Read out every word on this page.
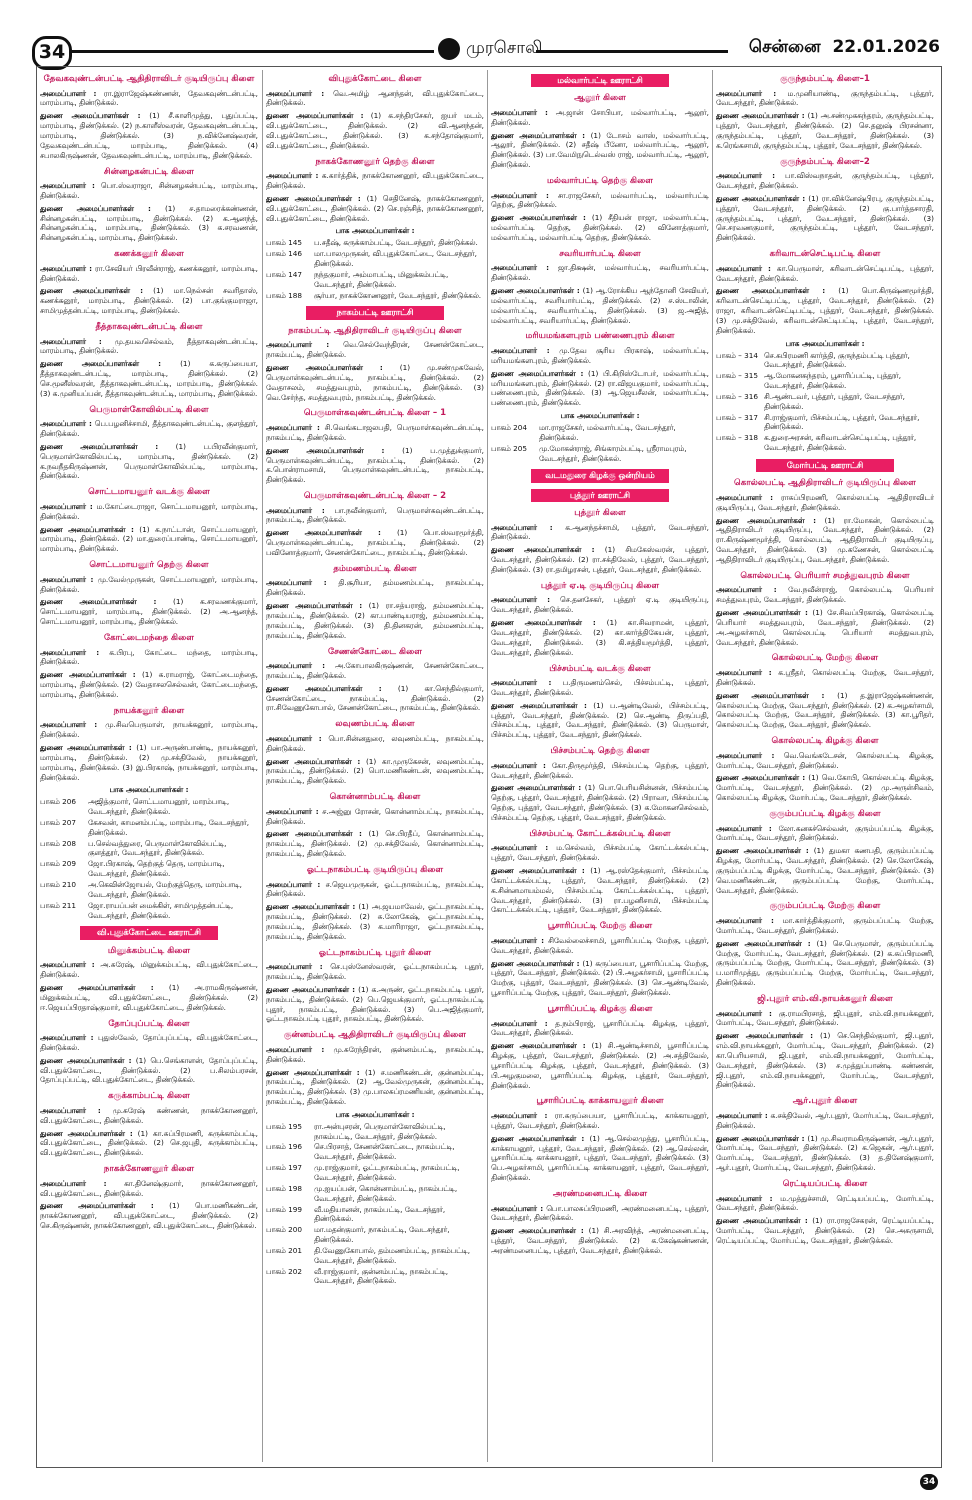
34	முரசொலி	சென்னை 22.01.2026
தேவகவுண்டன்பட்டி ஆதிதிராவிடர் குடியிருப்பு கிளை
அமைப்பாளர் : ரா.இராஜேஷ்கண்ணன், தேவகவுண்டன்பட்டி, மாரம்பாடி, திண்டுக்கல்.
துணை அமைப்பாளர்கள் : (1) சீ.காளிமுத்து, புதுப்பட்டி, மாரம்பாடி, திண்டுக்கல். (2) ந.காளீஸ்வரன், தேவகவுண்டன்பட்டி, மாரம்பாடி, திண்டுக்கல். (3) ந.விக்னேஷ்வரன், தேவகவுண்டன்பட்டி, மாரம்பாடி, திண்டுக்கல். (4) சபாலகிருஷ்ணன், தேவகவுண்டன்பட்டி, மாரம்பாடி, திண்டுக்கல்.
சின்னழகன்பட்டி கிளை
அமைப்பாளர் : பொ.ஸ்வராஜா, சின்னழகன்பட்டி, மாரம்பாடி, திண்டுக்கல்.
துணை அமைப்பாளர்கள் : (1) ச.தாமரைக்கண்ணன், சின்னழகன்பட்டி, மாரம்பாடி, திண்டுக்கல். (2) க.ஆனந்த், சின்னழகன்பட்டி, மாரம்பாடி, திண்டுக்கல். (3) க.சரவணன், சின்னழகன்பட்டி, மாரம்பாடி, திண்டுக்கல்.
கணக்கனூர் கிளை
அமைப்பாளர் : ரா.சேவியர் பிரவீன்ராஜ், கணக்கனூர், மாரம்பாடி, திண்டுக்கல்.
துணை அமைப்பாளர்கள் : (1) மா.நெல்சன் சவரிதாஸ், கணக்கனூர், மாரம்பாடி, திண்டுக்கல். (2) பா.குங்குமராஜா, சாமிமுத்தன்பட்டி, மாரம்பாடி, திண்டுக்கல்.
தீத்தாகவுண்டன்பட்டி கிளை
அமைப்பாளர் : மு.தயவசெல்வம், தீத்தாகவுண்டன்பட்டி, மாரம்பாடி, திண்டுக்கல்.
துணை அமைப்பாளர்கள் :	(1) க.கருப்பையா, தீத்தாகவுண்டன்பட்டி, மாரம்பாடி, திண்டுக்கல். (2) செ.மூனீஸ்வரன், தீத்தாகவுண்டன்பட்டி, மாரம்பாடி, திண்டுக்கல். (3) க.முனியப்பன், தீத்தாகவுண்டன்பட்டி, மாரம்பாடி, திண்டுக்கல்.
பெருமாள்கோவில்பட்டி கிளை
அமைப்பாளர் : பெ.பழனிச்சாமி, தீத்தாகவுண்டன்பட்டி, குளத்தூர், திண்டுக்கல்.
துணை அமைப்பாளர்கள் : (1) ப.பிரவீன்குமார், பெருமாள்கோவில்பட்டி, மாரம்பாடி, திண்டுக்கல். (2) க.நவநீதகிருஷ்ணன், பெருமாள்கோவில்பட்டி, மாரம்பாடி, திண்டுக்கல்.
சொட்டமாயனூர் வடக்கு கிளை
அமைப்பாளர் : ம.கோட்டைராஜா, சொட்டமாயனூர், மாரம்பாடி, திண்டுக்கல்.
துணை அமைப்பாளர்கள் : (1) க.நாட்டான், சொட்டமாயனூர், மாரம்பாடி, திண்டுக்கல். (2) மா.துரைப்பாண்டி, சொட்டமாயனூர், மாரம்பாடி, திண்டுக்கல்.
சொட்டமாயனூர் தெற்கு கிளை
அமைப்பாளர் : மு.வேல்முருகன், சொட்டமாயனூர், மாரம்பாடி, திண்டுக்கல்.
துணை அமைப்பாளர்கள் : (1) க.சரவணக்குமார், சொட்டமாயனூர், மாரம்பாடி, திண்டுக்கல். (2) அ.ஆனந்த், சொட்டமாயனூர், மாரம்பாடி, திண்டுக்கல்.
கோட்டைமந்தை கிளை
அமைப்பாளர் : க.பிரபு, கோட்டை மந்தை, மாரம்பாடி, திண்டுக்கல்.
துணை அமைப்பாளர்கள் : (1) க.ராமராஜ், கோட்டைமந்தை, மாரம்பாடி, திண்டுக்கல். (2) வேதாசலசெல்வன், கோட்டைமந்தை, மாரம்பாடி, திண்டுக்கல்.
நாயக்கனூர் கிளை
அமைப்பாளர் : மு.சிவபெருமாள், நாயக்கனூர், மாரம்பாடி, திண்டுக்கல்.
துணை அமைப்பாளர்கள் : (1) பா.அருண்பாண்டி, நாயக்கனூர், மாரம்பாடி, திண்டுக்கல். (2) மு.சக்திவேல், நாயக்கனூர், மாரம்பாடி, திண்டுக்கல். (3) இ.பிரகாஷ், நாயக்கனூர், மாரம்பாடி, திண்டுக்கல்.
பாக அமைப்பாளர்கள் :
பாகம் 206	அஜித்குமார், சொட்டமாயனூர், மாரம்பாடி, வேடசந்தூர், திண்டுக்கல்.
பாகம் 207	கேசவன், காமனம்பட்டி, மாரம்பாடி, வேடசந்தூர், திண்டுக்கல்.
பாகம் 208	ப.செல்வத்துரை, பெருமாள்கோவில்பட்டி, குளத்தூர், வேடசந்தூர், திண்டுக்கல்.
பாகம் 209	ஜோ.பிரகாஷ், தெற்குத் தெரு, மாரம்பாடி, வேடசந்தூர், திண்டுக்கல்.
பாகம் 210	அ.கெவின்ஜோயல், மேற்குத்தெரு, மாரம்பாடி, வேடசந்தூர், திண்டுக்கல்.
பாகம் 211	ஜோ.ராயப்பன் மைக்கிள், சாமிமுத்தன்பட்டி, வேடசந்தூர், திண்டுக்கல்.
வி.புதுக்கோட்டை ஊராட்சி
மினுக்கம்பட்டி கிளை
அமைப்பாளர் : அ.சுரேஷ், மினுக்கம்பட்டி, வி.புதுக்கோட்டை, திண்டுக்கல்.
துணை அமைப்பாளர்கள் : (1) அ.ராமகிருஷ்ணன், மினுக்கம்பட்டி, வி.புதுக்கோட்டை, திண்டுக்கல். (2) ஈ.ஜெயப்பிரதாஷ்குமார், வி.புதுக்கோட்டை, திண்டுக்கல்.
தோப்புப்பட்டி கிளை
அமைப்பாளர் : புதுஸ்வேல், தோப்புப்பட்டி, வி.புதுக்கோட்டை, திண்டுக்கல்.
துணை அமைப்பாளர்கள் : (1) பெ.செங்காளன், தோப்புப்பட்டி, வி.புதுக்கோட்டை, திண்டுக்கல். (2) ப.சிலம்பரசன், தோப்புப்பட்டி, வி.புதுக்கோட்டை, திண்டுக்கல்.
கருக்காம்பட்டி கிளை
அமைப்பாளர் : மு.சுரேஷ் கண்ணன், நாகக்கோணனூர், வி.புதுக்கோட்டை, திண்டுக்கல்.
துணை அமைப்பாளர்கள் : (1) கா.சுப்பிரமணி, கருக்காம்பட்டி, வி.புதுக்கோட்டை, திண்டுக்கல். (2) செ.ஜபுதி, கருக்காம்பட்டி, வி.புதுக்கோட்டை, திண்டுக்கல்.
நாகக்கோணனூர் கிளை
அமைப்பாளர் : கா.தினேஷ்குமார், நாகக்கோணனூர், வி.புதுக்கோட்டை, திண்டுக்கல்.
துணை அமைப்பாளர்கள் : (1) பொ.மணிகண்டன், நாகக்கோணனூர், வி.புதுக்கோட்டை, திண்டுக்கல். (2) செ.கிருஷ்ணன், நாகக்கோணனூர், வி.புதுக்கோட்டை, திண்டுக்கல்.
விபுதுக்கோட்டை கிளை
அமைப்பாளர் : வெ.அமிழ் ஆனந்தன், வி.புதுக்கோட்டை, திண்டுக்கல்.
துணை அமைப்பாளர்கள் : (1) க.சந்திரசேகர், ஐயர் மடம், வி.புதுக்கோட்டை, திண்டுக்கல். (2) வி.ஆனந்தன், வி.புதுக்கோட்டை, திண்டுக்கல். (3) க.சந்தோஷ்குமார், வி.புதுக்கோட்டை, திண்டுக்கல்.
நாகக்கோணனூர் தெற்கு கிளை
அமைப்பாளர் : க.கார்த்திக், நாகக்கோணனூர், வி.புதுக்கோட்டை, திண்டுக்கல்.
துணை அமைப்பாளர்கள் : (1) செதினேஷ், நாகக்கோணனூர், வி.புதுக்கோட்டை, திண்டுக்கல். (2) செ.ரஞ்சித், நாகக்கோணனூர், வி.புதுக்கோட்டை, திண்டுக்கல்.
பாக அமைப்பாளர்கள் :
பாகம் 145	ப.சதீஷ், கருக்காம்பட்டி, வேடசந்தூர், திண்டுக்கல்.
பாகம் 146	மா.பாலமுருகன், வி.புதுக்கோட்டை, வேடசந்தூர், திண்டுக்கல்.
பாகம் 147	நந்தகுமார், அம்மாபட்டி, மினுக்கம்பட்டி, வேடசந்தூர், திண்டுக்கல்.
பாகம் 188	சூர்யா, நாகக்கோணனூர், வேடசந்தூர், திண்டுக்கல்.
நாகம்பட்டி ஊராட்சி
நாகம்பட்டி ஆதிதிராவிடர் குடியிருப்பு கிளை
அமைப்பாளர் : வெ.செல்வேந்திரன், சேணன்கோட்டை, நாகம்பட்டி, திண்டுக்கல்.
துணை அமைப்பாளர்கள் : (1) மு.சண்முகவேல், பெருமாள்கவுண்டன்பட்டி, நாகம்பட்டி, திண்டுக்கல். (2) வேதாசலம், சமத்துவபுரம், நாகம்பட்டி, திண்டுக்கல். (3) வெ.சேர்ந்த, சமத்துவபுரம், நாகம்பட்டி, திண்டுக்கல்.
பெருமாள்கவுண்டன்பட்டி கிளை – 1
அமைப்பாளர் : சி.வெங்கடாஜலபதி, பெருமாள்கவுண்டன்பட்டி, நாகம்பட்டி, திண்டுக்கல்.
துணை அமைப்பாளர்கள் : (1) ப.முத்துக்குமார், பெருமாள்கவுண்டன்பட்டி, நாகம்பட்டி, திண்டுக்கல். (2) க.பொன்ராமசாமி, பெருமாள்கவுண்டன்பட்டி, நாகம்பட்டி, திண்டுக்கல்.
பெருமாள்கவுண்டன்பட்டி கிளை – 2
அமைப்பாளர் : பா.நவீன்குமார், பெருமாள்கவுண்டன்பட்டி, நாகம்பட்டி, திண்டுக்கல்.
துணை அமைப்பாளர்கள் : (1) பொ.ஸ்வரமூர்த்தி, பெருமாள்கவுண்டன்பட்டி, நாகம்பட்டி, திண்டுக்கல். (2) பவினோத்குமார், சேணன்கோட்டை, நாகம்பட்டி, திண்டுக்கல்.
தம்மணம்பட்டி கிளை
அமைப்பாளர் : தி.சூரியா, தம்மணம்பட்டி, நாகம்பட்டி, திண்டுக்கல்.
துணை அமைப்பாளர்கள் : (1) ரா.சத்யராஜ், தம்மணம்பட்டி, நாகம்பட்டி, திண்டுக்கல். (2) கா.பாண்டியராஜ், தம்மணம்பட்டி, நாகம்பட்டி, திண்டுக்கல். (3) தி.தினகரன், தம்மணம்பட்டி, நாகம்பட்டி, திண்டுக்கல்.
சேணன்கோட்டை கிளை
அமைப்பாளர் : அ.கோபாலகிருஷ்ணன், சேணன்கோட்டை, நாகம்பட்டி, திண்டுக்கல்.
துணை அமைப்பாளர்கள் : (1) கா.செந்தில்குமார், சேணன்கோட்டை, நாகம்பட்டி, திண்டுக்கல். (2) ரா.சிவேணுகோபால், சேணன்கோட்டை, நாகம்பட்டி, திண்டுக்கல்.
லவுணம்பட்டி கிளை
அமைப்பாளர் : பொ.சின்னதுரை, லவுணம்பட்டி, நாகம்பட்டி, திண்டுக்கல்.
துணை அமைப்பாளர்கள் : (1) கா.முருகேசன், லவுணம்பட்டி, நாகம்பட்டி, திண்டுக்கல். (2) பொ.மணிகண்டன், லவுணம்பட்டி, நாகம்பட்டி, திண்டுக்கல்.
கொன்னாம்பட்டி கிளை
அமைப்பாளர் : ச.அஜ்னு ரோசன், கொன்னாம்பட்டி, நாகம்பட்டி, திண்டுக்கல்.
துணை அமைப்பாளர்கள் : (1) செ.பிரதீப், கொன்னாம்பட்டி, நாகம்பட்டி, திண்டுக்கல். (2) மு.சக்திவேல், கொன்னாம்பட்டி, நாகம்பட்டி, திண்டுக்கல்.
ஓட்டநாகம்பட்டி குடியிருப்பு கிளை
அமைப்பாளர் : ச.ஜெயமுருகன், ஓட்டநாகம்பட்டி, நாகம்பட்டி, திண்டுக்கல்.
துணை அமைப்பாளர்கள் : (1) அ.ஜயமாவேல், ஓட்டநாகம்பட்டி, நாகம்பட்டி, திண்டுக்கல். (2) சு.லோகேஷ், ஓட்டநாகம்பட்டி, நாகம்பட்டி, திண்டுக்கல். (3) க.மாரிராஜா, ஓட்டநாகம்பட்டி, நாகம்பட்டி, திண்டுக்கல்.
ஓட்டநாகம்பட்டி புதூர் கிளை
அமைப்பாளர் : செ.புஸ்னேஸ்வரன், ஓட்டநாகம்பட்டி புதூர், நாகம்பட்டி, திண்டுக்கல்.
துணை அமைப்பாளர்கள் : (1) க.அருண், ஓட்டநாகம்பட்டி புதூர், நாகம்பட்டி, திண்டுக்கல். (2) பெ.ஜெயக்குமார், ஓட்டநாகம்பட்டி புதூர், நாகம்பட்டி, திண்டுக்கல். (3) பெ.அஜித்குமார், ஓட்டநாகம்பட்டி புதூர், நாகம்பட்டி, திண்டுக்கல்.
குன்னம்பட்டி ஆதிதிராவிடர் குடியிருப்பு கிளை
அமைப்பாளர் : மு.சுரேந்திரன், குன்னம்பட்டி, நாகம்பட்டி, திண்டுக்கல்.
துணை அமைப்பாளர்கள் : (1) ச.மணிகண்டன், குன்னம்பட்டி, நாகம்பட்டி, திண்டுக்கல். (2) ஆ.வேல்முருகன், குன்னம்பட்டி, நாகம்பட்டி, திண்டுக்கல். (3) மு.பாலசுப்ரமணியன், குன்னம்பட்டி, நாகம்பட்டி, திண்டுக்கல்.
பாக அமைப்பாளர்கள் :
பாகம் 195	ரா.அன்புசரன், பெருமாள்கோவில்பட்டி, நாகம்பட்டி, வேடசந்தூர், திண்டுக்கல்.
பாகம் 196	செ.பிரசாத், சேணன்கோட்டை, நாகம்பட்டி, வேடசந்தூர், திண்டுக்கல்.
பாகம் 197	மு.ராஜ்குமார், ஓட்டநாகம்பட்டி, நாகம்பட்டி, வேடசந்தூர், திண்டுக்கல்.
பாகம் 198	மு.ஐயப்பன், கொன்னாம்பட்டி, நாகம்பட்டி, வேடசந்தூர், திண்டுக்கல்.
பாகம் 199	வீ.மதியானன், நாகம்பட்டி, வேடசந்தூர், திண்டுக்கல்.
பாகம் 200	மா.மதன்குமார், நாகம்பட்டி, வேடசந்தூர், திண்டுக்கல்.
பாகம் 201	தி.வேணுகோபால், தம்மணம்பட்டி, நாகம்பட்டி, வேடசந்தூர், திண்டுக்கல்.
பாகம் 202	வீ.ராஜ்குமார், குன்னம்பட்டி, நாகம்பட்டி, வேடசந்தூர், திண்டுக்கல்.
மல்வார்பட்டி ஊராட்சி
ஆலூர் கிளை
அமைப்பாளர் : அ.ஜான் சோபியா, மல்வார்பட்டி, ஆலூர், திண்டுக்கல்.
துணை அமைப்பாளர்கள் : (1) டோசம் வாஸ், மல்வார்பட்டி, ஆலூர், திண்டுக்கல். (2) சதீஷ் பீனோ, மல்வார்பட்டி, ஆலூர், திண்டுக்கல். (3) பா.வேமிநுடெல்வஸ் ராஜ், மல்வார்பட்டி, ஆலூர், திண்டுக்கல்.
மல்வார்பட்டி தெற்கு கிளை
அமைப்பாளர் : சா.ராஜசேகர், மல்வார்பட்டி, மல்வார்பட்டி தெற்கு, திண்டுக்கல்.
துணை அமைப்பாளர்கள் : (1) சீதியன் ராஜா, மல்வார்பட்டி, மல்வார்பட்டி தெற்கு, திண்டுக்கல். (2) வினோத்குமார், மல்வார்பட்டி, மல்வார்பட்டி தெற்கு, திண்டுக்கல்.
சவரியார்பட்டி கிளை
அமைப்பாளர் : ஜா.திக்ஷன், மல்வார்பட்டி, சவரியார்பட்டி, திண்டுக்கல்.
துணை அமைப்பாளர்கள் : (1) ஆ.ரோக்கிய ஆந்தோனி சேவியர், மல்வார்பட்டி, சவரியார்பட்டி, திண்டுக்கல். (2) ச.ஸ்டாலின், மல்வார்பட்டி, சவரியார்பட்டி, திண்டுக்கல். (3) ஜ.அஜித், மல்வார்பட்டி, சவரியார்பட்டி, திண்டுக்கல்.
மரியமங்களபுரம் பண்ணைபுரம் கிளை
அமைப்பாளர் : மு.தேவ சூரிய பிரகாஷ், மல்வார்பட்டி, மரியமங்களபுரம், திண்டுக்கல்.
துணை அமைப்பாளர்கள் : (1) பி.கிறிஸ்டோபர், மல்வார்பட்டி, மரியமங்களபுரம், திண்டுக்கல். (2) ரா.விஜயகுமார், மல்வார்பட்டி, பண்ணைபுரம், திண்டுக்கல். (3) ஆ.ஜெயசீலன், மல்வார்பட்டி, பண்ணைபுரம், திண்டுக்கல்.
பாக அமைப்பாளர்கள் :
பாகம் 204	மா.ராஜசேகர், மல்வார்பட்டி, வேடசந்தூர், திண்டுக்கல்.
பாகம் 205	மு.மோகன்ராஜ், சிங்காரம்பட்டி, ஸ்ரீராமபுரம், வேடசந்தூர், திண்டுக்கல்.
வடமதுரை கிழக்கு ஒன்றியம்
புத்தூர் ஊராட்சி
புத்தூர் கிளை
அமைப்பாளர் : க.ஆனந்தச்சாமி, புத்தூர், வேடசந்தூர், திண்டுக்கல்.
துணை அமைப்பாளர்கள் : (1) சிமகேஸ்வரன், புத்தூர், வேடசந்தூர், திண்டுக்கல். (2) ரா.சக்திவேல், புத்தூர், வேடசந்தூர், திண்டுக்கல். (3) ரா.தமிழரசன், புத்தூர், வேடசந்தூர், திண்டுக்கல்.
புத்தூர் ஏ.டி குடியிருப்பு கிளை
அமைப்பாளர் : செ.தனசேகர், புத்தூர் ஏ.டி குடியிருப்பு, வேடசந்தூர், திண்டுக்கல்.
துணை அமைப்பாளர்கள் : (1) கா.சிவராமன், புத்தூர், வேடசந்தூர், திண்டுக்கல். (2) கா.கார்த்திகேயன், புத்தூர், வேடசந்தூர், திண்டுக்கல். (3) கி.சத்தியமூர்த்தி, புத்தூர், வேடசந்தூர், திண்டுக்கல்.
பிச்சம்பட்டி வடக்கு கிளை
அமைப்பாளர் : ப.திருமணம்செல், பிச்சம்பட்டி, புத்தூர், வேடசந்தூர், திண்டுக்கல்.
துணை அமைப்பாளர்கள் : (1) ப.ஆண்டிவேல், பிச்சம்பட்டி, புத்தூர், வேடசந்தூர், திண்டுக்கல். (2) செ.ஆண்டி திருப்பதி, பிச்சம்பட்டி, புத்தூர், வேடசந்தூர், திண்டுக்கல். (3) பெருமாள், பிச்சம்பட்டி, புத்தூர், வேடசந்தூர், திண்டுக்கல்.
பிச்சம்பட்டி தெற்கு கிளை
அமைப்பாளர் : கோ.திருமூர்த்தி, பிச்சம்பட்டி தெற்கு, புத்தூர், வேடசந்தூர், திண்டுக்கல்.
துணை அமைப்பாளர்கள் : (1) பொ.பெரியசின்னன், பிச்சம்பட்டி தெற்கு, புத்தூர், வேடசந்தூர், திண்டுக்கல். (2) பிராவா, பிச்சம்பட்டி தெற்கு, புத்தூர், வேடசந்தூர், திண்டுக்கல். (3) க.மோகனசெல்வம், பிச்சம்பட்டி தெற்கு, புத்தூர், வேடசந்தூர், திண்டுக்கல்.
பிச்சம்பட்டி கோட்டக்கல்பட்டி கிளை
அமைப்பாளர் : ம.செல்வம், பிச்சம்பட்டி கோட்டக்கல்பட்டி, புத்தூர், வேடசந்தூர், திண்டுக்கல்.
துணை அமைப்பாளர்கள் : (1) ஆ.ரஸ்தேக்குமார், பிச்சம்பட்டி கோட்டக்கல்பட்டி, புத்தூர், வேடசந்தூர், திண்டுக்கல். (2) க.சின்னமாயம்மல், பிச்சம்பட்டி கோட்டக்கல்பட்டி, புத்தூர், வேடசந்தூர், திண்டுக்கல். (3) ரா.பழனிசாமி, பிச்சம்பட்டி கோட்டக்கல்பட்டி, புத்தூர், வேடசந்தூர், திண்டுக்கல்.
பூசாரிப்பட்டி மேற்கு கிளை
அமைப்பாளர் : சிவேல்லைச்சாமி, பூசாரிப்பட்டி மேற்கு, புத்தூர், வேடசந்தூர், திண்டுக்கல்.
துணை அமைப்பாளர்கள் : (1) கருப்பையா, பூசாரிப்பட்டி மேற்கு, புத்தூர், வேடசந்தூர், திண்டுக்கல். (2) பி.அழகர்சாமி, பூசாரிப்பட்டி மேற்கு, புத்தூர், வேடசந்தூர், திண்டுக்கல். (3) செ.ஆண்டிவேல், பூசாரிப்பட்டி மேற்கு, புத்தூர், வேடசந்தூர், திண்டுக்கல்.
பூசாரிப்பட்டி கிழக்கு கிளை
அமைப்பாளர் : த.நம்பிராஜ், பூசாரிப்பட்டி கிழக்கு, புத்தூர், வேடசந்தூர், திண்டுக்கல்.
துணை அமைப்பாளர்கள் : (1) சி.ஆண்டிச்சாமி, பூசாரிப்பட்டி கிழக்கு, புத்தூர், வேடசந்தூர், திண்டுக்கல். (2) அ.சத்திவேல், பூசாரிப்பட்டி கிழக்கு, புத்தூர், வேடசந்தூர், திண்டுக்கல். (3) பி.அழகுமலை, பூசாரிப்பட்டி கிழக்கு, புத்தூர், வேடசந்தூர், திண்டுக்கல்.
பூசாரிப்பட்டி காக்காயனூர் கிளை
அமைப்பாளர் : ரா.கருப்பையா, பூசாரிப்பட்டி, காக்காயனூர், புத்தூர், வேடசந்தூர், திண்டுக்கல்.
துணை அமைப்பாளர்கள் : (1) ஆ.செல்லமுத்து, பூசாரிப்பட்டி, காக்காயனூர், புத்தூர், வேடசந்தூர், திண்டுக்கல். (2) ஆ.செல்லன், பூசாரிப்பட்டி காக்காயனூர், புத்தூர், வேடசந்தூர், திண்டுக்கல். (3) பெ.அழகர்சாமி, பூசாரிப்பட்டி காக்காயனூர், புத்தூர், வேடசந்தூர், திண்டுக்கல்.
அரண்மனைபட்டி கிளை
அமைப்பாளர் : பொ.பாலசுப்பிரமணி, அரண்மனைபட்டி, புத்தூர், வேடசந்தூர், திண்டுக்கல்.
துணை அமைப்பாளர்கள் : (1) சி.அரவிந்த், அரண்மனைபட்டி, புத்தூர், வேடசந்தூர், திண்டுக்கல். (2) க.கேஷ்கண்ணன், அரண்மனைபட்டி, புத்தூர், வேடசந்தூர், திண்டுக்கல்.
குருந்தம்பட்டி கிளை–1
அமைப்பாளர் : ம.முனியாண்டி, குருந்தம்பட்டி, புத்தூர், வேடசந்தூர், திண்டுக்கல்.
துணை அமைப்பாளர்கள் : (1) அ.சண்முகசுந்தரம், குருந்தம்பட்டி, புத்தூர், வேடசந்தூர், திண்டுக்கல். (2) செ.தனுஷ் பிரசன்னா, குருந்தம்பட்டி, புத்தூர், வேடசந்தூர், திண்டுக்கல். (3) க.ரெங்கசாமி, குருந்தம்பட்டி, புத்தூர், வேடசந்தூர், திண்டுக்கல்.
குருந்தம்பட்டி கிளை–2
அமைப்பாளர் : பா.விஸ்வநாதன், குருந்தம்பட்டி, புத்தூர், வேடசந்தூர், திண்டுக்கல்.
துணை அமைப்பாளர்கள் : (1) ரா.விக்னேஷ்பிரபு, குருந்தம்பட்டி, புத்தூர், வேடசந்தூர், திண்டுக்கல். (2) கு.பார்த்தசாரதி, குருந்தம்பட்டி, புத்தூர், வேடசந்தூர், திண்டுக்கல். (3) செ.சரவணகுமார், குருந்தம்பட்டி, புத்தூர், வேடசந்தூர், திண்டுக்கல்.
கரிவாடன்செட்டிபட்டி கிளை
அமைப்பாளர் : கா.பெருமாள், கரிவாடன்செட்டிபட்டி, புத்தூர், வேடசந்தூர், திண்டுக்கல்.
துணை அமைப்பாளர்கள் : (1) பொ.கிருஷ்ணமூர்த்தி, கரிவாடன்செட்டிபட்டி, புத்தூர், வேடசந்தூர், திண்டுக்கல். (2) ராஜா, கரிவாடன்செட்டிபட்டி, புத்தூர், வேடசந்தூர், திண்டுக்கல். (3) மு.சக்திவேல், கரிவாடன்செட்டிபட்டி, புத்தூர், வேடசந்தூர், திண்டுக்கல்.
பாக அமைப்பாளர்கள் :
பாகம் – 314 செ.சுபிரமணி கார்த்தி, குருந்தம்பட்டி புத்தூர், வேடசந்தூர், திண்டுக்கல்.
பாகம் – 315 ஆ.மோகனசுந்தரம், பூசாரிப்பட்டி, புத்தூர், வேடசந்தூர், திண்டுக்கல்.
பாகம் – 316 சி.ஆண்டவர், புத்தூர், புத்தூர், வேடசந்தூர், திண்டுக்கல்.
பாகம் – 317 சி.ராஜ்குமார், பிச்சம்பட்டி, புத்தூர், வேடசந்தூர், திண்டுக்கல்.
பாகம் – 318 க.துரைஅரசன், கரிவாடன்செட்டிபட்டி, புத்தூர், வேடசந்தூர், திண்டுக்கல்.
மோர்பட்டி ஊராட்சி
கொல்லபட்டி ஆதிதிராவிடர் குடியிருப்பு கிளை
அமைப்பாளர் : ராசுப்பிரமணி, கொல்லபட்டி ஆதிதிராவிடர் குடியிருப்பு, வேடசந்தூர், திண்டுக்கல்.
துணை அமைப்பாளர்கள் : (1) ரா.மோகன், கொல்லபட்டி ஆதிதிராவிடர் குடியிருப்பு, வேடசந்தூர், திண்டுக்கல். (2) ரா.கிருஷ்ணமூர்த்தி, கொல்லபட்டி ஆதிதிராவிடர் குடியிருப்பு, வேடசந்தூர், திண்டுக்கல். (3) மு.கணேசன், கொல்லபட்டி ஆதிதிராவிடர் குடியிருப்பு, வேடசந்தூர், திண்டுக்கல்.
கொல்லபட்டி பெரியார் சமத்துவபுரம் கிளை
அமைப்பாளர் : வே.நவீன்ராஜ், கொல்லபட்டி பெரியார் சமத்துவபுரம், வேடசந்தூர், திண்டுக்கல்.
துணை அமைப்பாளர்கள் : (1) சே.சிவப்பிரகாஷ், கொல்லபட்டி பெரியார் சமத்துவபுரம், வேடசந்தூர், திண்டுக்கல். (2) அ.அழகர்சாமி, கொல்லபட்டி பெரியார் சமத்துவபுரம், வேடசந்தூர், திண்டுக்கல்.
கொல்லபட்டி மேற்கு கிளை
அமைப்பாளர் : க.ஸ்ரீதர், கொல்லபட்டி மேற்கு, வேடசந்தூர், திண்டுக்கல்.
துணை அமைப்பாளர்கள் : (1) த.இராஜேஷ்கண்ணன், கொல்லபட்டி மேற்கு, வேடசந்தூர், திண்டுக்கல். (2) க.அழகர்சாமி, கொல்லபட்டி மேற்கு, வேடசந்தூர், திண்டுக்கல். (3) கா.பூரிதர், கொல்லபட்டி மேற்கு, வேடசந்தூர், திண்டுக்கல்.
கொல்லபட்டி கிழக்கு கிளை
அமைப்பாளர் : வெ.வெங்கடேசன், கொல்லபட்டி கிழக்கு, மோர்பட்டி, வேடசந்தூர், திண்டுக்கல்.
துணை அமைப்பாளர்கள் : (1) வெ.கோபி, கொல்லபட்டி கிழக்கு, மோர்பட்டி, வேடசந்தூர், திண்டுக்கல். (2) மு.அருள்சிவம், கொல்லபட்டி கிழக்கு, மோர்பட்டி, வேடசந்தூர், திண்டுக்கல்.
குரும்பப்பட்டி கிழக்கு கிளை
அமைப்பாளர் : லோ.கனகச்செல்வன், குரும்பப்பட்டி கிழக்கு, மோர்பட்டி, வேடசந்தூர், திண்டுக்கல்.
துணை அமைப்பாளர்கள் : (1) துமகா கணபதி, குரும்பப்பட்டி கிழக்கு, மோர்பட்டி, வேடசந்தூர், திண்டுக்கல். (2) செ.லோகேஷ், குரும்பப்பட்டி கிழக்கு, மோர்பட்டி, வேடசந்தூர், திண்டுக்கல். (3) வெ.மணிகண்டன், குரும்பப்பட்டி மேற்கு, மோர்பட்டி, வேடசந்தூர், திண்டுக்கல்.
குரும்பப்பட்டி மேற்கு கிளை
அமைப்பாளர் : மா.கார்த்திக்குமார், குரும்பப்பட்டி மேற்கு, மோர்பட்டி, வேடசந்தூர், திண்டுக்கல்.
துணை அமைப்பாளர்கள் : (1) செ.பெருமாள், குரும்பப்பட்டி மேற்கு, மோர்பட்டி, வேடசந்தூர், திண்டுக்கல். (2) க.சுப்பிரமணி, குரும்பப்பட்டி மேற்கு, மோர்பட்டி, வேடசந்தூர், திண்டுக்கல். (3) ப.மாரிமுத்து, குரும்பப்பட்டி மேற்கு, மோர்பட்டி, வேடசந்தூர், திண்டுக்கல்.
ஜி.புதூர் எம்.வி.நாயக்கனூர் கிளை
அமைப்பாளர் : கு.ராமபிரசாத், ஜி.புதூர், எம்.வி.நாயக்கனூர், மோர்பட்டி, வேடசந்தூர், திண்டுக்கல்.
துணை அமைப்பாளர்கள் : (1) செ.செந்தில்குமார், ஜி.புதூர், எம்.வி.நாயக்கனூர், மோர்பட்டி, வேடசந்தூர், திண்டுக்கல். (2) கா.பெரியசாமி, ஜி.புதூர், எம்.வி.நாயக்கனூர், மோர்பட்டி, வேடசந்தூர், திண்டுக்கல். (3) ச.முத்துப்பாண்டி கண்ணன், ஜி.புதூர், எம்.வி.நாயக்கனூர், மோர்பட்டி, வேடசந்தூர், திண்டுக்கல்.
ஆர்.புதூர் கிளை
அமைப்பாளர் : க.சக்திவேல், ஆர்.புதூர், மோர்பட்டி, வேடசந்தூர், திண்டுக்கல்.
துணை அமைப்பாளர்கள் : (1) மு.சிவராமகிருஷ்ணன், ஆர்.புதூர், மோர்பட்டி, வேடசந்தூர், திண்டுக்கல். (2) க.ஜெகன், ஆர்.புதூர், மோர்பட்டி, வேடசந்தூர், திண்டுக்கல். (3) த.தினேஷ்குமார், ஆர்.புதூர், மோர்பட்டி, வேடசந்தூர், திண்டுக்கல்.
ரெட்டியப்பட்டி கிளை
அமைப்பாளர் : ம.முத்துச்சாமி, ரெட்டியப்பட்டி, மோர்பட்டி, வேடசந்தூர், திண்டுக்கல்.
துணை அமைப்பாளர்கள் : (1) ரா.ராஜசேகரன், ரெட்டியப்பட்டி, மோர்பட்டி, வேடசந்தூர், திண்டுக்கல். (2) செ.அசுருசாமி, ரெட்டியப்பட்டி, மோர்பட்டி, வேடசந்தூர், திண்டுக்கல்.
34
